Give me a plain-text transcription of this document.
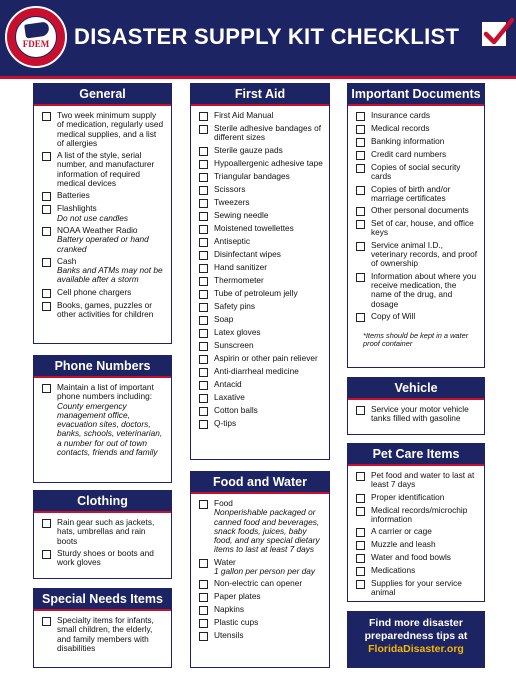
FDEM	DISASTER SUPPLY KIT CHECKLIST
General
Two week minimum supply of medication, regularly used medical supplies, and a list of allergies
A list of the style, serial number, and manufacturer information of required medical devices
Batteries
Flashlights
Do not use candles
NOAA Weather Radio
Battery operated or hand cranked
Cash
Banks and ATMs may not be available after a storm
Cell phone chargers
Books, games, puzzles or other activities for children
Phone Numbers
Maintain a list of important phone numbers including:
County emergency management office, evacuation sites, doctors, banks, schools, veterinarian, a number for out of town contacts, friends and family
Clothing
Rain gear such as jackets, hats, umbrellas and rain boots
Sturdy shoes or boots and work gloves
Special Needs Items
Specialty items for infants, small children, the elderly, and family members with disabilities
First Aid
First Aid Manual
Sterile adhesive bandages of different sizes
Sterile gauze pads
Hypoallergenic adhesive tape
Triangular bandages
Scissors
Tweezers
Sewing needle
Moistened towellettes
Antiseptic
Disinfectant wipes
Hand sanitizer
Thermometer
Tube of petroleum jelly
Safety pins
Soap
Latex gloves
Sunscreen
Aspirin or other pain reliever
Anti-diarrheal medicine
Antacid
Laxative
Cotton balls
Q-tips
Food and Water
Food
Nonperishable packaged or canned food and beverages, snack foods, juices, baby food, and any special dietary items to last at least 7 days
Water
1 gallon per person per day
Non-electric can opener
Paper plates
Napkins
Plastic cups
Utensils
Important Documents
Insurance cards
Medical records
Banking information
Credit card numbers
Copies of social security cards
Copies of birth and/or marriage certificates
Other personal documents
Set of car, house, and office keys
Service animal I.D., veterinary records, and proof of ownership
Information about where you receive medication, the name of the drug, and dosage
Copy of Will
*Items should be kept in a water proof container
Vehicle
Service your motor vehicle tanks filled with gasoline
Pet Care Items
Pet food and water to last at least 7 days
Proper identification
Medical records/microchip information
A carrier or cage
Muzzle and leash
Water and food bowls
Medications
Supplies for your service animal
Find more disaster
preparedness tips at
FloridaDisaster.org
